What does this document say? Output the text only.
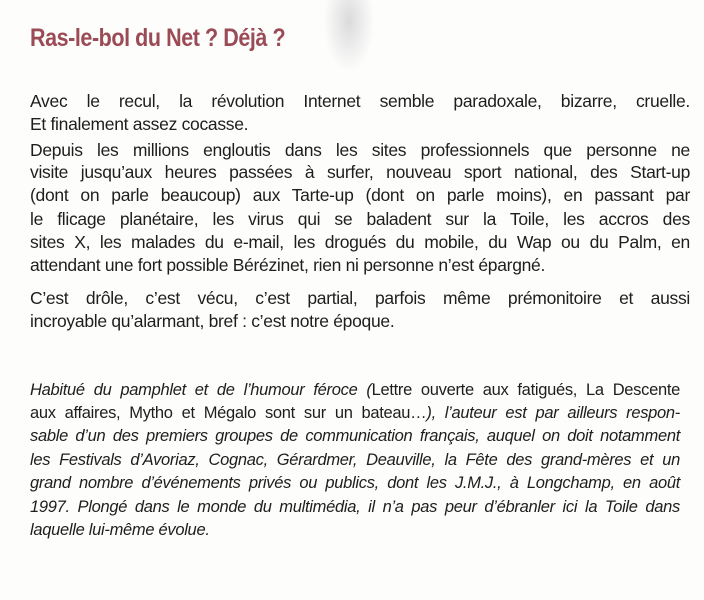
Ras-le-bol du Net ? Déjà ?
Avec le recul, la révolution Internet semble paradoxale, bizarre, cruelle.
Et finalement assez cocasse.
Depuis les millions engloutis dans les sites professionnels que personne ne
visite jusqu’aux heures passées à surfer, nouveau sport national, des Start-up
(dont on parle beaucoup) aux Tarte-up (dont on parle moins), en passant par
le flicage planétaire, les virus qui se baladent sur la Toile, les accros des
sites X, les malades du e-mail, les drogués du mobile, du Wap ou du Palm, en
attendant une fort possible Bérézinet, rien ni personne n’est épargné.
C’est drôle, c’est vécu, c’est partial, parfois même prémonitoire et aussi
incroyable qu’alarmant, bref : c’est notre époque.
Habitué du pamphlet et de l’humour féroce (Lettre ouverte aux fatigués, La Descente
aux affaires, Mytho et Mégalo sont sur un bateau…), l’auteur est par ailleurs respon-
sable d’un des premiers groupes de communication français, auquel on doit notamment
les Festivals d’Avoriaz, Cognac, Gérardmer, Deauville, la Fête des grand-mères et un
grand nombre d’événements privés ou publics, dont les J.M.J., à Longchamp, en août
1997. Plongé dans le monde du multimédia, il n’a pas peur d’ébranler ici la Toile dans
laquelle lui-même évolue.
